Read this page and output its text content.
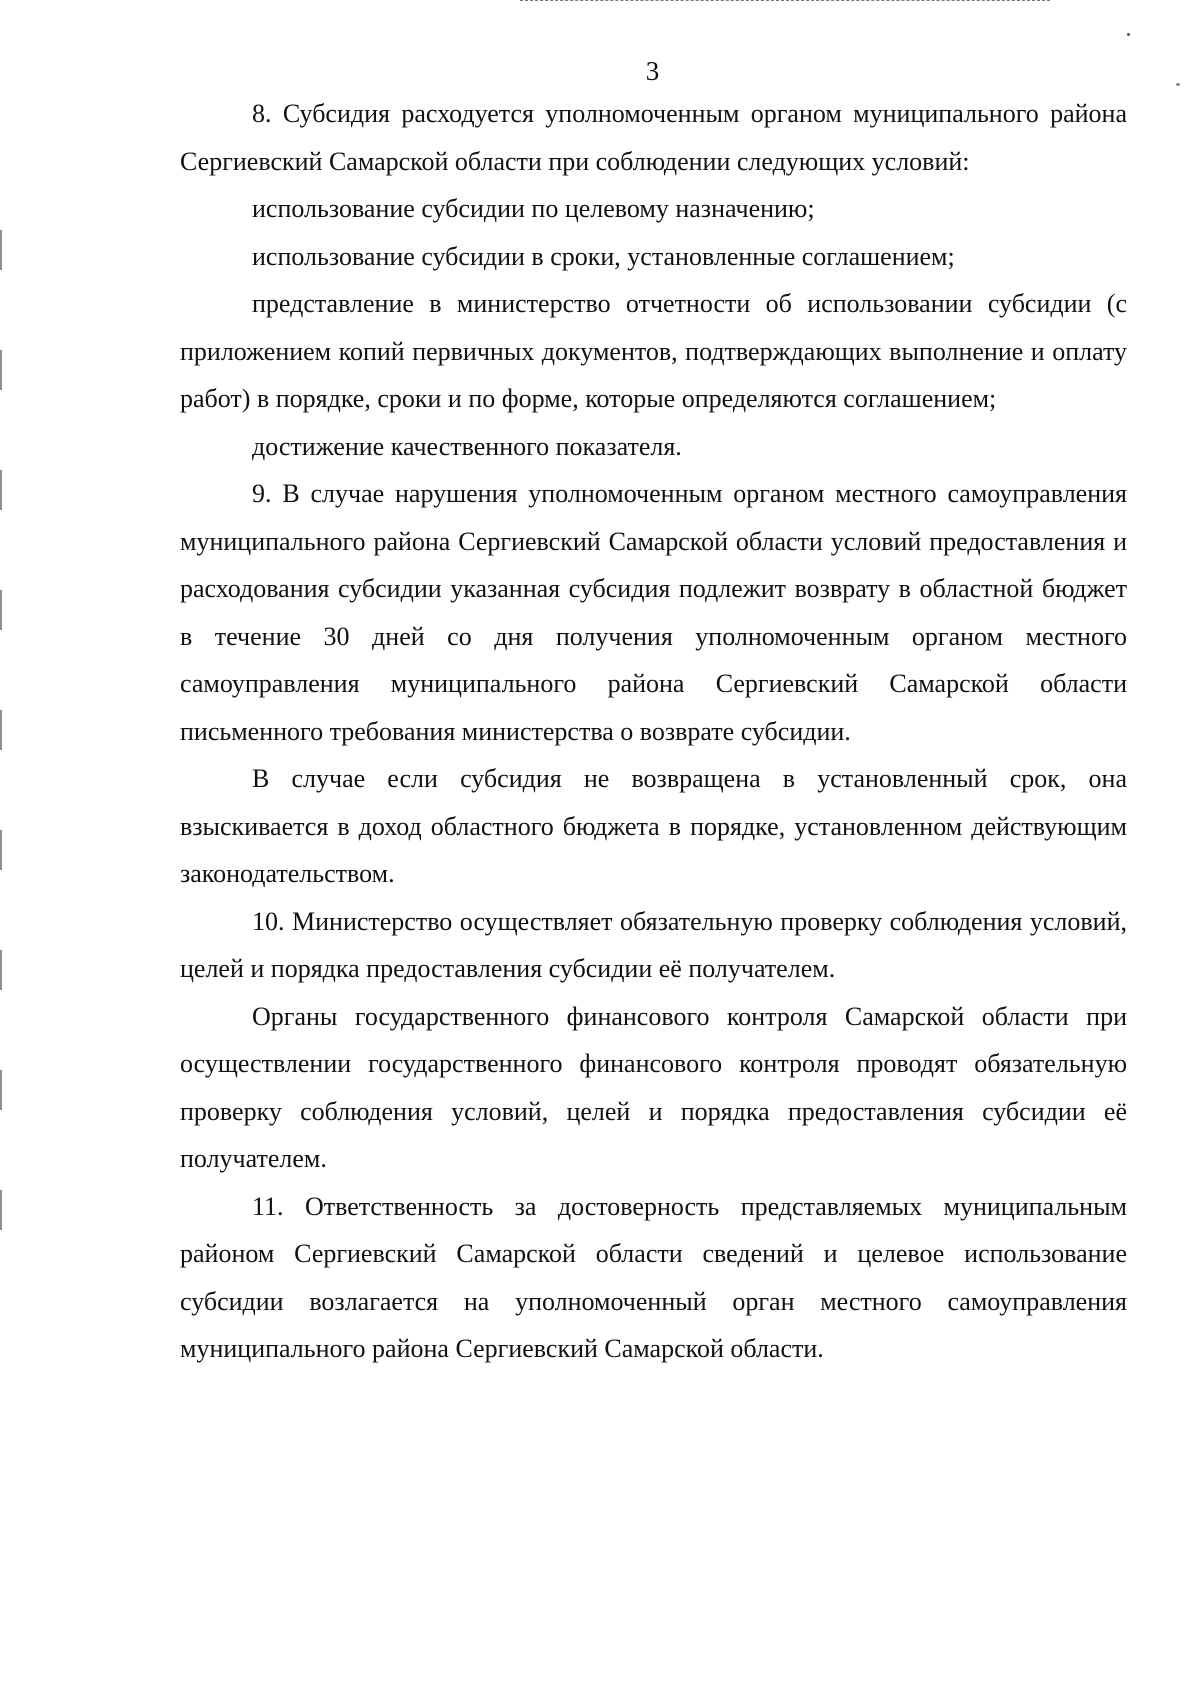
3

8. Субсидия расходуется уполномоченным органом муниципального района Сергиевский Самарской области при соблюдении следующих условий:

использование субсидии по целевому назначению;

использование субсидии в сроки, установленные соглашением;

представление в министерство отчетности об использовании субсидии (с приложением копий первичных документов, подтверждающих выполнение и оплату работ) в порядке, сроки и по форме, которые определяются соглашением;

достижение качественного показателя.

9. В случае нарушения уполномоченным органом местного самоуправления муниципального района Сергиевский Самарской области условий предоставления и расходования субсидии указанная субсидия подлежит возврату в областной бюджет в течение 30 дней со дня получения уполномоченным органом местного самоуправления муниципального района Сергиевский Самарской области письменного требования министерства о возврате субсидии.

В случае если субсидия не возвращена в установленный срок, она взыскивается в доход областного бюджета в порядке, установленном действующим законодательством.

10. Министерство осуществляет обязательную проверку соблюдения условий, целей и порядка предоставления субсидии её получателем.

Органы государственного финансового контроля Самарской области при осуществлении государственного финансового контроля проводят обязательную проверку соблюдения условий, целей и порядка предоставления субсидии её получателем.

11. Ответственность за достоверность представляемых муниципальным районом Сергиевский Самарской области сведений и целевое использование субсидии возлагается на уполномоченный орган местного самоуправления муниципального района Сергиевский Самарской области.
